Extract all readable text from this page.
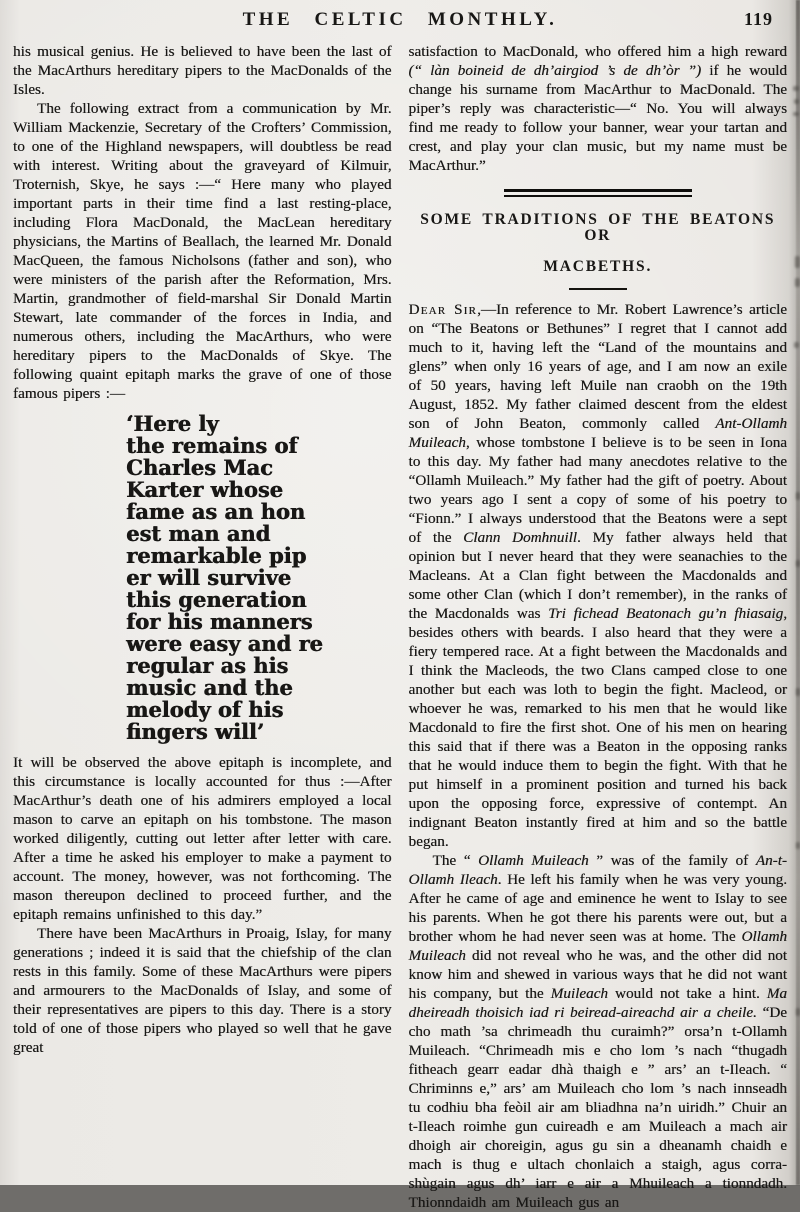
THE CELTIC MONTHLY.	119

his musical genius. He is believed to have been the last of the MacArthurs hereditary pipers to the MacDonalds of the Isles.

The following extract from a communication by Mr. William Mackenzie, Secretary of the Crofters’ Commission, to one of the Highland newspapers, will doubtless be read with interest. Writing about the graveyard of Kilmuir, Troternish, Skye, he says :—“ Here many who played important parts in their time find a last resting-place, including Flora MacDonald, the MacLean hereditary physicians, the Martins of Beallach, the learned Mr. Donald MacQueen, the famous Nicholsons (father and son), who were ministers of the parish after the Reformation, Mrs. Martin, grandmother of field-marshal Sir Donald Martin Stewart, late commander of the forces in India, and numerous others, including the MacArthurs, who were hereditary pipers to the MacDonalds of Skye. The following quaint epitaph marks the grave of one of those famous pipers :—

‘Here ly
the remains of
Charles Mac
Karter whose
fame as an hon
est man and
remarkable pip
er will survive
this generation
for his manners
were easy and re
regular as his
music and the
melody of his
fingers will’

It will be observed the above epitaph is incomplete, and this circumstance is locally accounted for thus :—After MacArthur’s death one of his admirers employed a local mason to carve an epitaph on his tombstone. The mason worked diligently, cutting out letter after letter with care. After a time he asked his employer to make a payment to account. The money, however, was not forthcoming. The mason thereupon declined to proceed further, and the epitaph remains unfinished to this day.”

There have been MacArthurs in Proaig, Islay, for many generations ; indeed it is said that the chiefship of the clan rests in this family. Some of these MacArthurs were pipers and armourers to the MacDonalds of Islay, and some of their representatives are pipers to this day. There is a story told of one of those pipers who played so well that he gave great

satisfaction to MacDonald, who offered him a high reward (“ làn boineid de dh’airgiod ’s de dh’òr ”) if he would change his surname from MacArthur to MacDonald. The piper’s reply was characteristic—“ No. You will always find me ready to follow your banner, wear your tartan and crest, and play your clan music, but my name must be MacArthur.”

SOME TRADITIONS OF THE BEATONS OR
MACBETHS.

Dear Sir,—In reference to Mr. Robert Lawrence’s article on “The Beatons or Bethunes” I regret that I cannot add much to it, having left the “Land of the mountains and glens” when only 16 years of age, and I am now an exile of 50 years, having left Muile nan craobh on the 19th August, 1852. My father claimed descent from the eldest son of John Beaton, commonly called Ant-Ollamh Muileach, whose tombstone I believe is to be seen in Iona to this day. My father had many anecdotes relative to the “Ollamh Muileach.” My father had the gift of poetry. About two years ago I sent a copy of some of his poetry to “Fionn.” I always understood that the Beatons were a sept of the Clann Domhnuill. My father always held that opinion but I never heard that they were seanachies to the Macleans. At a Clan fight between the Macdonalds and some other Clan (which I don’t remember), in the ranks of the Macdonalds was Tri fichead Beatonach gu’n fhiasaig, besides others with beards. I also heard that they were a fiery tempered race. At a fight between the Macdonalds and I think the Macleods, the two Clans camped close to one another but each was loth to begin the fight. Macleod, or whoever he was, remarked to his men that he would like Macdonald to fire the first shot. One of his men on hearing this said that if there was a Beaton in the opposing ranks that he would induce them to begin the fight. With that he put himself in a prominent position and turned his back upon the opposing force, expressive of contempt. An indignant Beaton instantly fired at him and so the battle began.

The “ Ollamh Muileach ” was of the family of An-t-Ollamh Ileach. He left his family when he was very young. After he came of age and eminence he went to Islay to see his parents. When he got there his parents were out, but a brother whom he had never seen was at home. The Ollamh Muileach did not reveal who he was, and the other did not know him and shewed in various ways that he did not want his company, but the Muileach would not take a hint. Ma dheireadh thoisich iad ri beiread-aireachd air a cheile. “De cho math ’sa chrimeadh thu curaimh?” orsa’n t-Ollamh Muileach. “Chrimeadh mis e cho lom ’s nach “thugadh fitheach gearr eadar dhà thaigh e ” ars’ an t-Ileach. “ Chriminns e,” ars’ am Muileach cho lom ’s nach innseadh tu codhiu bha feòil air am bliadhna na’n uiridh.” Chuir an t-Ileach roimhe gun cuireadh e am Muileach a mach air dhoigh air choreigin, agus gu sin a dheanamh chaidh e mach is thug e ultach chonlaich a staigh, agus corra-shùgain agus dh’ iarr e air a Mhuileach a tionndadh. Thionndaidh am Muileach gus an
